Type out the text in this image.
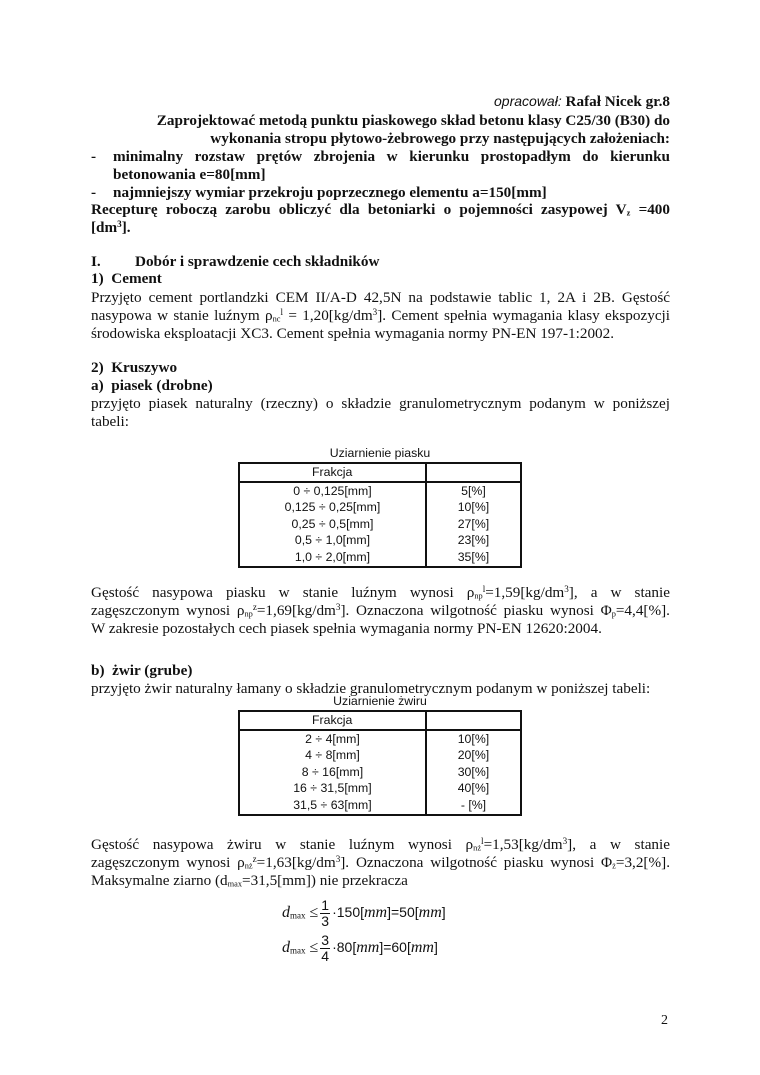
opracował: Rafał Nicek gr.8
Zaprojektować metodą punktu piaskowego skład betonu klasy C25/30 (B30) do
wykonania stropu płytowo-żebrowego przy następujących założeniach:
- minimalny rozstaw prętów zbrojenia w kierunku prostopadłym do kierunku
betonowania e=80[mm]
- najmniejszy wymiar przekroju poprzecznego elementu a=150[mm]
Recepturę roboczą zarobu obliczyć dla betoniarki o pojemności zasypowej $V_z =400$
$[dm^3]$.
I. Dobór i sprawdzenie cech składników
1)  Cement
Przyjęto cement portlandzki CEM II/A-D 42,5N na podstawie tablic 1, 2A i 2B. Gęstość
nasypowa w stanie luźnym $\rho_{nc}^l = 1,20[kg/dm^3]$. Cement spełnia wymagania klasy ekspozycji
środowiska eksploatacji XC3. Cement spełnia wymagania normy PN-EN 197-1:2002.
2)  Kruszywo
a)  piasek (drobne)
przyjęto piasek naturalny (rzeczny) o składzie granulometrycznym podanym w poniższej
tabeli:
Uziarnienie piasku
Frakcja	
0 ÷ 0,125[mm]	5[%]
0,125 ÷ 0,25[mm]	10[%]
0,25 ÷ 0,5[mm]	27[%]
0,5 ÷ 1,0[mm]	23[%]
1,0 ÷ 2,0[mm]	35[%]
Gęstość nasypowa piasku w stanie luźnym wynosi $\rho_{np}^l=1,59[kg/dm^3]$, a w stanie
zagęszczonym wynosi $\rho_{np}^z=1,69[kg/dm^3]$. Oznaczona wilgotność piasku wynosi $\Phi_p=4,4[\%]$.
W zakresie pozostałych cech piasek spełnia wymagania normy PN-EN 12620:2004.
b)  żwir (grube)
przyjęto żwir naturalny łamany o składzie granulometrycznym podanym w poniższej tabeli:
Uziarnienie żwiru
Frakcja	
2 ÷ 4[mm]	10[%]
4 ÷ 8[mm]	20[%]
8 ÷ 16[mm]	30[%]
16 ÷ 31,5[mm]	40[%]
31,5 ÷ 63[mm]	- [%]
Gęstość nasypowa żwiru w stanie luźnym wynosi $\rho_{nż}^l=1,53[kg/dm^3]$, a w stanie
zagęszczonym wynosi $\rho_{nż}^z=1,63[kg/dm^3]$. Oznaczona wilgotność piasku wynosi $\Phi_ż=3,2[\%]$.
Maksymalne ziarno $(d_{max}=31,5[mm])$ nie przekracza
$d_{max} \le \frac{1}{3} \cdot 150[mm]=50[mm]$
$d_{max} \le \frac{3}{4} \cdot 80[mm]=60[mm]$
2
